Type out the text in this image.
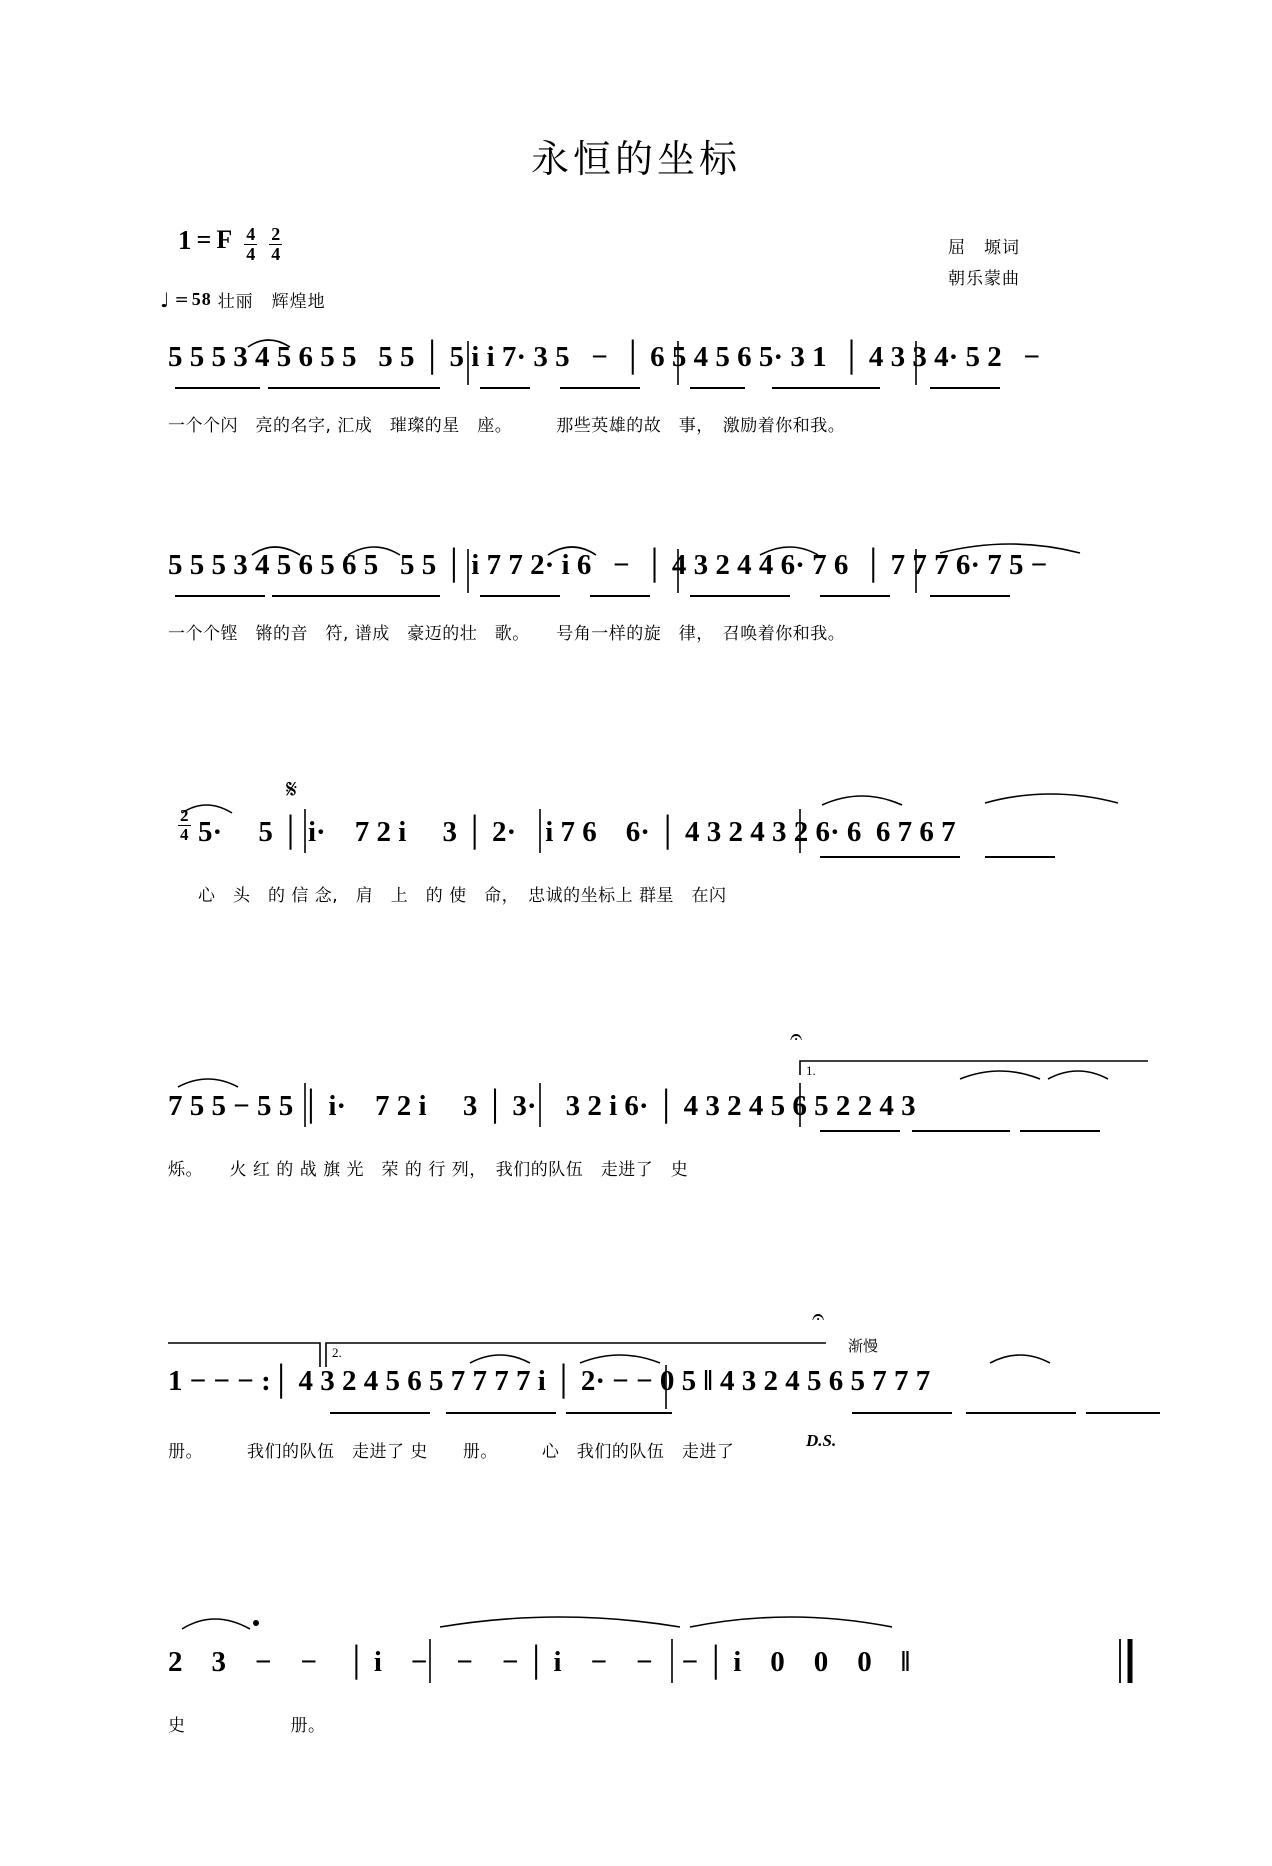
永恒的坐标
1 = F $\frac{4}{4} \frac{2}{4}$	屈　塬词
朝乐蒙曲
♩ = 58 壮丽　辉煌地
5 5 5 3 4 5 6 5 5   5 5 │ 5 i i 7· 3 5   −  │ 6 5 4 5 6 5· 3 1  │ 4 3 3 4· 5 2   −
一个个闪　亮的名字, 汇成　璀璨的星　座。　　　那些英雄的故　事，　激励着你和我。
5 5 5 3 4 5 6 5 6 5   5 5 │ i 7 7 2· i 6   −  │ 4 3 2 4 4 6· 7 6  │ 7 7 7 6· 7 5 −
一个个铿　锵的音　符, 谱成　豪迈的壮　歌。　　号角一样的旋　律，　召唤着你和我。
$\frac{2}{4}$
𝄋
5·　 5 │ i·　7 2 i　 3 │ 2·　i 7 6　6· │ 4 3 2 4 3 2 6· 6  6 7 6 7
心　头　的 信 念,　肩　上　的 使　命，　忠诚的坐标上 群星　在闪
𝄐
1.
7 5 5 − 5 5 │ i·　7 2 i　 3 │ 3·　3 2 i 6· │ 4 3 2 4 5 6 5 2 2 4 3
烁。　　火 红 的 战 旗 光　荣 的 行 列，　我们的队伍　走进了　史
2.
𝄐
渐慢
D.S.
1 − − − :│ 4 3 2 4 5 6 5 7 7 7 7 i │ 2· − − 0 5 ‖ 4 3 2 4 5 6 5 7 7 7
册。　　　我们的队伍　走进了 史　　册。　　　心　我们的队伍　走进了
2　3　−　−　│ i　−　−　− │ i　−　−　− │ i　0　0　0　‖
史　　　　　　册。
